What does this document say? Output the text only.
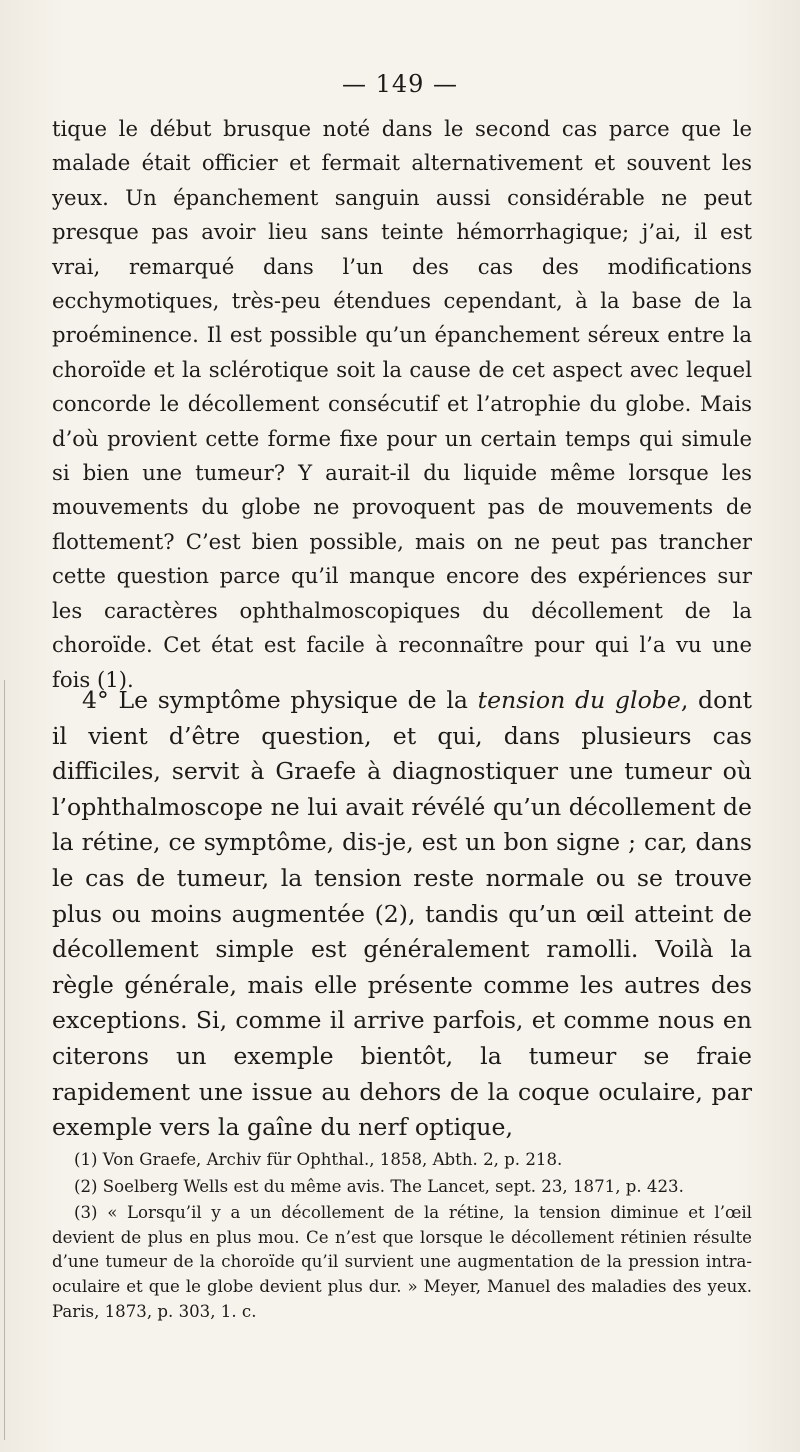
— 149 —

tique le début brusque noté dans le second cas parce que le malade était officier et fermait alternativement et souvent les yeux. Un épanchement sanguin aussi considérable ne peut presque pas avoir lieu sans teinte hémorrhagique; j’ai, il est vrai, remarqué dans l’un des cas des modifications ecchymotiques, très-peu étendues cependant, à la base de la proéminence. Il est possible qu’un épanchement séreux entre la choroïde et la sclérotique soit la cause de cet aspect avec lequel concorde le décollement consécutif et l’atrophie du globe. Mais d’où provient cette forme fixe pour un certain temps qui simule si bien une tumeur? Y aurait-il du liquide même lorsque les mouvements du globe ne provoquent pas de mouvements de flottement? C’est bien possible, mais on ne peut pas trancher cette question parce qu’il manque encore des expériences sur les caractères ophthalmoscopiques du décollement de la choroïde. Cet état est facile à reconnaître pour qui l’a vu une fois (1).

4° Le symptôme physique de la tension du globe, dont il vient d’être question, et qui, dans plusieurs cas difficiles, servit à Graefe à diagnostiquer une tumeur où l’ophthalmoscope ne lui avait révélé qu’un décollement de la rétine, ce symptôme, dis-je, est un bon signe ; car, dans le cas de tumeur, la tension reste normale ou se trouve plus ou moins augmentée (2), tandis qu’un œil atteint de décollement simple est généralement ramolli. Voilà la règle générale, mais elle présente comme les autres des exceptions. Si, comme il arrive parfois, et comme nous en citerons un exemple bientôt, la tumeur se fraie rapidement une issue au dehors de la coque oculaire, par exemple vers la gaîne du nerf optique,

(1) Von Graefe, Archiv für Ophthal., 1858, Abth. 2, p. 218.

(2) Soelberg Wells est du même avis. The Lancet, sept. 23, 1871, p. 423.

(3) « Lorsqu’il y a un décollement de la rétine, la tension diminue et l’œil devient de plus en plus mou. Ce n’est que lorsque le décollement rétinien résulte d’une tumeur de la choroïde qu’il survient une augmentation de la pression intra-oculaire et que le globe devient plus dur. » Meyer, Manuel des maladies des yeux. Paris, 1873, p. 303, 1. c.
